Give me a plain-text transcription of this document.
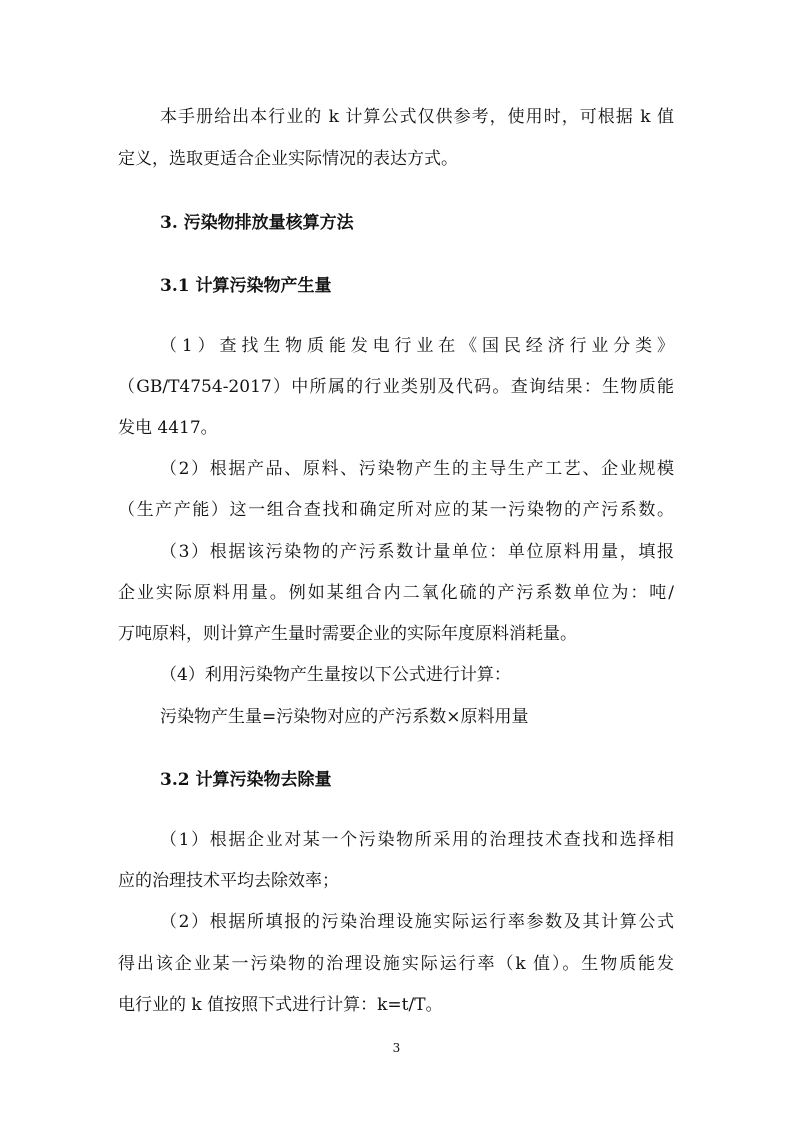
本手册给出本行业的 k 计算公式仅供参考，使用时，可根据 k 值
定义，选取更适合企业实际情况的表达方式。
3. 污染物排放量核算方法
3.1 计算污染物产生量
（1）查找生物质能发电行业在《国民经济行业分类》
（GB/T4754-2017）中所属的行业类别及代码。查询结果：生物质能
发电 4417。
（2）根据产品、原料、污染物产生的主导生产工艺、企业规模
（生产产能）这一组合查找和确定所对应的某一污染物的产污系数。
（3）根据该污染物的产污系数计量单位：单位原料用量，填报
企业实际原料用量。例如某组合内二氧化硫的产污系数单位为：吨/
万吨原料，则计算产生量时需要企业的实际年度原料消耗量。
（4）利用污染物产生量按以下公式进行计算：
污染物产生量=污染物对应的产污系数×原料用量
3.2 计算污染物去除量
（1）根据企业对某一个污染物所采用的治理技术查找和选择相
应的治理技术平均去除效率；
（2）根据所填报的污染治理设施实际运行率参数及其计算公式
得出该企业某一污染物的治理设施实际运行率（k 值）。生物质能发
电行业的 k 值按照下式进行计算：k=t/T。
3
